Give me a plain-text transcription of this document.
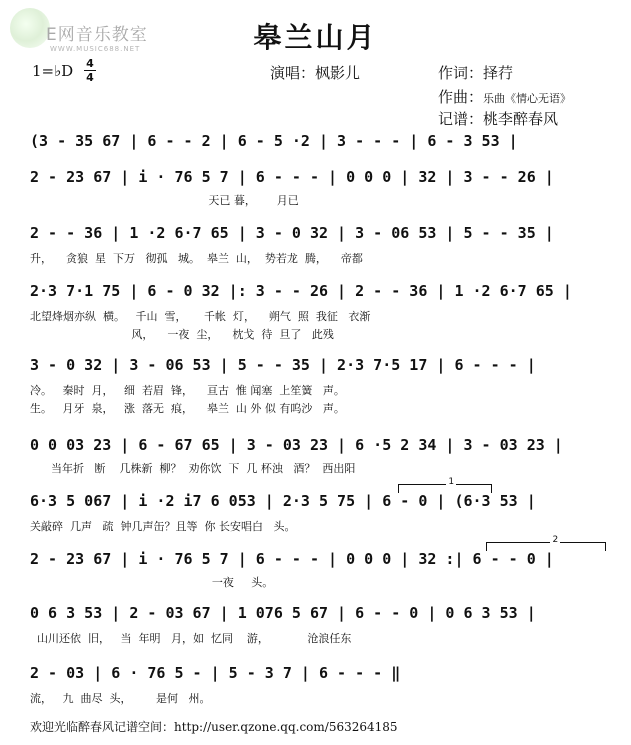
E网音乐教室
WWW.MUSIC688.NET	皋兰山月
1=♭D 4
4	演唱：枫影儿	作词：择荇
作曲：乐曲《情心无语》
记谱：桃李醉春风
(3 - 35 67 | 6 - - 2 | 6 - 5 ·2 | 3 - - - | 6 - 3 53 |
2 - 23 67 | i · 76 5 7 | 6 - - - | 0 0 0 | 32 | 3 - - 26 |
天已 暮，      月已
2 - - 36 | 1 ·2 6·7 65 | 3 - 0 32 | 3 - 06 53 | 5 - - 35 |
升，    贪狼  星  下万   彻孤   城。  皋兰  山，  势若龙  腾，    帝都
2·3 7·1 75 | 6 - 0 32 |: 3 - - 26 | 2 - - 36 | 1 ·2 6·7 65 |
北望烽烟亦纵  横。   千山  雪，     千帐  灯，    朔气  照  我征   衣渐
风，    一夜  尘，    枕戈  待  旦了   此残
3 - 0 32 | 3 - 06 53 | 5 - - 35 | 2·3 7·5 17 | 6 - - - |
冷。   秦时  月，   细  若眉  锋，    亘古  惟 闻塞  上笙簧   声。
生。   月牙  泉，   涨  落无  痕，    皋兰  山 外 似 有呜沙   声。
0 0 03 23 | 6 - 67 65 | 3 - 03 23 | 6 ·5 2 34 | 3 - 03 23 |
当年折   断    几株新  柳？  劝你饮  下  几 杯浊   酒？  西出阳
1
6·3 5 067 | i ·2 i7 6 053 | 2·3 5 75 | 6 - 0 | (6·3 53 |
关敲碎  几声   疏  钟几声缶？且等  你 长安唱白   头。
2
2 - 23 67 | i · 76 5 7 | 6 - - - | 0 0 0 | 32 :| 6 - - 0 |
一夜     头。
0 6 3 53 | 2 - 03 67 | 1 076 5 67 | 6 - - 0 | 0 6 3 53 |
山川还依  旧，   当  年明   月，如  忆同    游，           沧浪任东
2 - 03 | 6 · 76 5 - | 5 - 3 7 | 6 - - - ‖
流，   九  曲尽  头，       是何   州。
欢迎光临醉春风记谱空间：http://user.qzone.qq.com/563264185
